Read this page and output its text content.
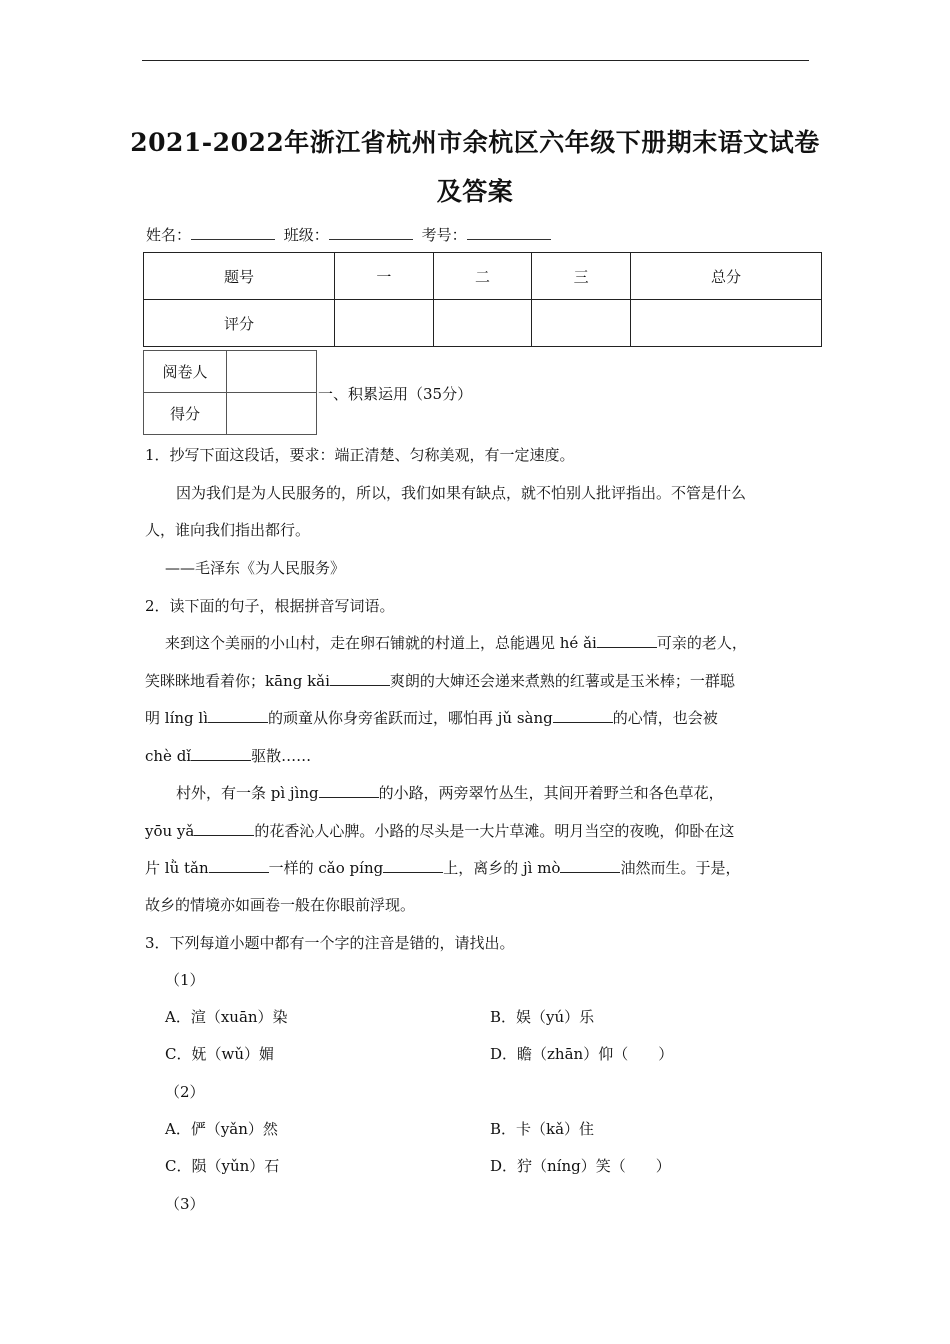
2021-2022年浙江省杭州市余杭区六年级下册期末语文试卷
及答案
姓名：	班级：	考号：
题号	一	二	三	总分
评分				
阅卷人	
得分	
一、积累运用（35分）
1．抄写下面这段话，要求：端正清楚、匀称美观，有一定速度。
因为我们是为人民服务的，所以，我们如果有缺点，就不怕别人批评指出。不管是什么
人，谁向我们指出都行。
——毛泽东《为人民服务》
2．读下面的句子，根据拼音写词语。
来到这个美丽的小山村，走在卵石铺就的村道上，总能遇见 hé ǎi	可亲的老人，
笑眯眯地看着你；kāng kǎi	爽朗的大婶还会递来煮熟的红薯或是玉米棒；一群聪
明 líng lì	的顽童从你身旁雀跃而过，哪怕再 jǔ sàng	的心情，也会被
chè dǐ	驱散……
村外，有一条 pì jìng	的小路，两旁翠竹丛生，其间开着野兰和各色草花，
yōu yǎ	的花香沁人心脾。小路的尽头是一大片草滩。明月当空的夜晚，仰卧在这
片 lǜ tǎn	一样的 cǎo píng	上，离乡的 jì mò	油然而生。于是，
故乡的情境亦如画卷一般在你眼前浮现。
3．下列每道小题中都有一个字的注音是错的，请找出。
（1）
A．渲（xuān）染	B．娱（yú）乐
C．妩（wǔ）媚	D．瞻（zhān）仰（　　）
（2）
A．俨（yǎn）然	B．卡（kǎ）住
C．陨（yǔn）石	D．狞（níng）笑（　　）
（3）
